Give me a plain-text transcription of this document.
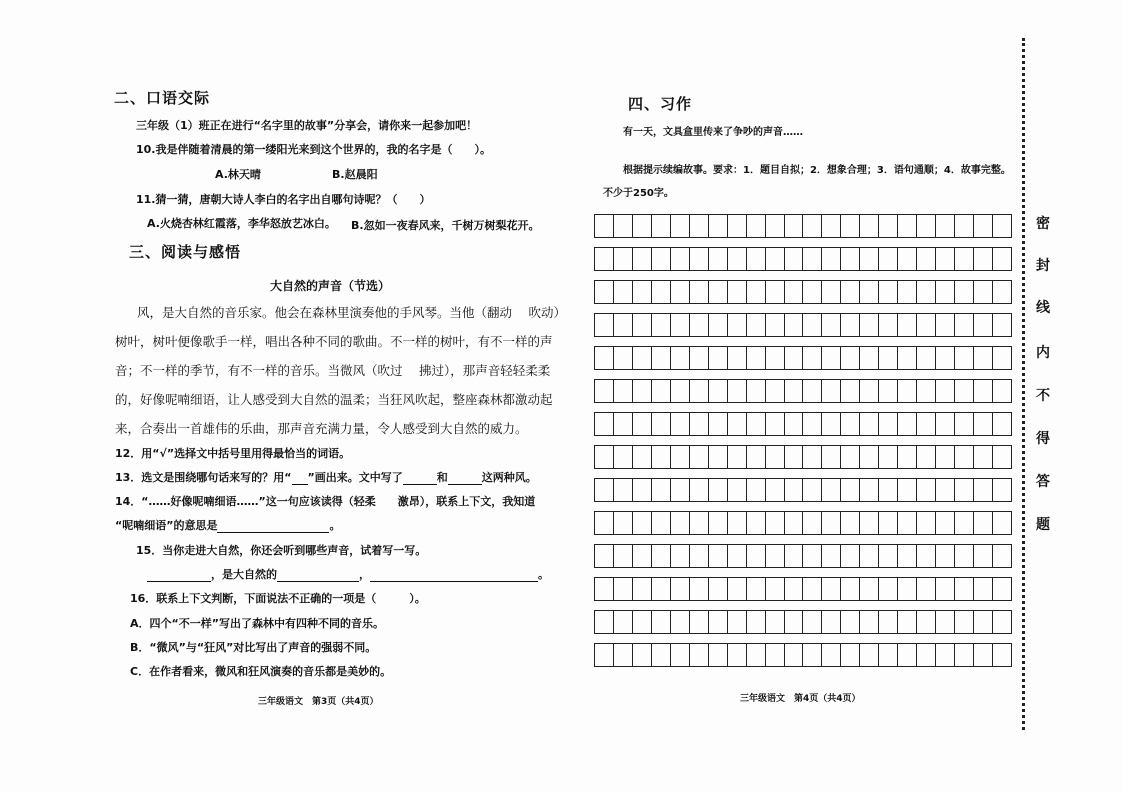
二、口语交际
三年级（1）班正在进行“名字里的故事”分享会，请你来一起参加吧！
10.我是伴随着清晨的第一缕阳光来到这个世界的，我的名字是（　　）。
A.林天晴	B.赵晨阳
11.猜一猜，唐朝大诗人李白的名字出自哪句诗呢？（　　）
A.火烧杏林红霞落，李华怒放艺冰白。 B.忽如一夜春风来，千树万树梨花开。
三、阅读与感悟
大自然的声音（节选）
风，是大自然的音乐家。他会在森林里演奏他的手风琴。当他（翻动　 吹动）
树叶，树叶便像歌手一样，唱出各种不同的歌曲。不一样的树叶，有不一样的声
音；不一样的季节，有不一样的音乐。当微风（吹过　 拂过），那声音轻轻柔柔
的，好像呢喃细语，让人感受到大自然的温柔；当狂风吹起，整座森林都激动起
来，合奏出一首雄伟的乐曲，那声音充满力量，令人感受到大自然的威力。
12．用“√”选择文中括号里用得最恰当的词语。
13．选文是围绕哪句话来写的？用“ ”画出来。文中写了	和	这两种风。
14．“……好像呢喃细语……”这一句应该读得（轻柔　　激昂），联系上下文，我知道
“呢喃细语”的意思是	。
15．当你走进大自然，你还会听到哪些声音，试着写一写。
，是大自然的	，	。
16．联系上下文判断，下面说法不正确的一项是（　　　）。
A．四个“不一样”写出了森林中有四种不同的音乐。
B．“微风”与“狂风”对比写出了声音的强弱不同。
C．在作者看来，微风和狂风演奏的音乐都是美妙的。
三年级语文　第3页（共4页）
四、习作
有一天，文具盒里传来了争吵的声音……
根据提示续编故事。要求：1．题目自拟；2．想象合理；3．语句通顺；4．故事完整。
不少于250字。
三年级语文　第4页（共4页）
密
封
线
内
不
得
答
题
